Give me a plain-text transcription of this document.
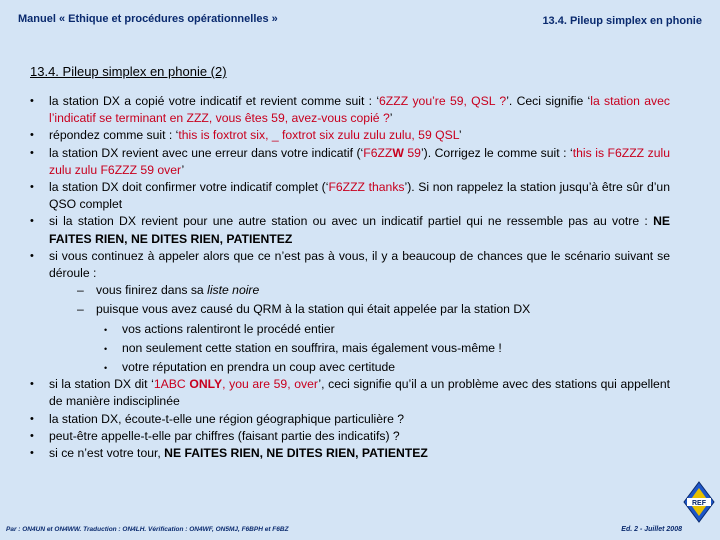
Manuel « Ethique et procédures opérationnelles »	13.4. Pileup simplex en phonie
13.4. Pileup simplex en phonie (2)
• la station DX a copié votre indicatif et revient comme suit : ‘6ZZZ you’re 59, QSL ?’. Ceci signifie ‘la station avec l’indicatif se terminant en ZZZ, vous êtes 59, avez-vous copié ?’
• répondez comme suit : ‘this is foxtrot six, _ foxtrot six zulu zulu zulu, 59 QSL’
• la station DX revient avec une erreur dans votre indicatif (‘F6ZZW 59’). Corrigez le comme suit : ‘this is F6ZZZ zulu zulu zulu F6ZZZ 59 over’
• la station DX doit confirmer votre indicatif complet (‘F6ZZZ thanks’). Si non rappelez la station jusqu’à être sûr d’un QSO complet
• si la station DX revient pour une autre station ou avec un indicatif partiel qui ne ressemble pas au votre : NE FAITES RIEN, NE DITES RIEN, PATIENTEZ
• si vous continuez à appeler alors que ce n’est pas à vous, il y a beaucoup de chances que le scénario suivant se déroule :
– vous finirez dans sa liste noire
– puisque vous avez causé du QRM à la station qui était appelée par la station DX
• vos actions ralentiront le procédé entier
• non seulement cette station en souffrira, mais également vous-même !
• votre réputation en prendra un coup avec certitude
• si la station DX dit ‘1ABC ONLY, you are 59, over’, ceci signifie qu’il a un problème avec des stations qui appellent de manière indisciplinée
• la station DX, écoute-t-elle une région géographique particulière ?
• peut-être appelle-t-elle par chiffres (faisant partie des indicatifs) ?
• si ce n’est votre tour, NE FAITES RIEN, NE DITES RIEN, PATIENTEZ
Par : ON4UN et ON4WW. Traduction : ON4LH. Vérification : ON4WF, ON5MJ, F6BPH et F6BZ	Ed. 2 - Juillet 2008
REF
